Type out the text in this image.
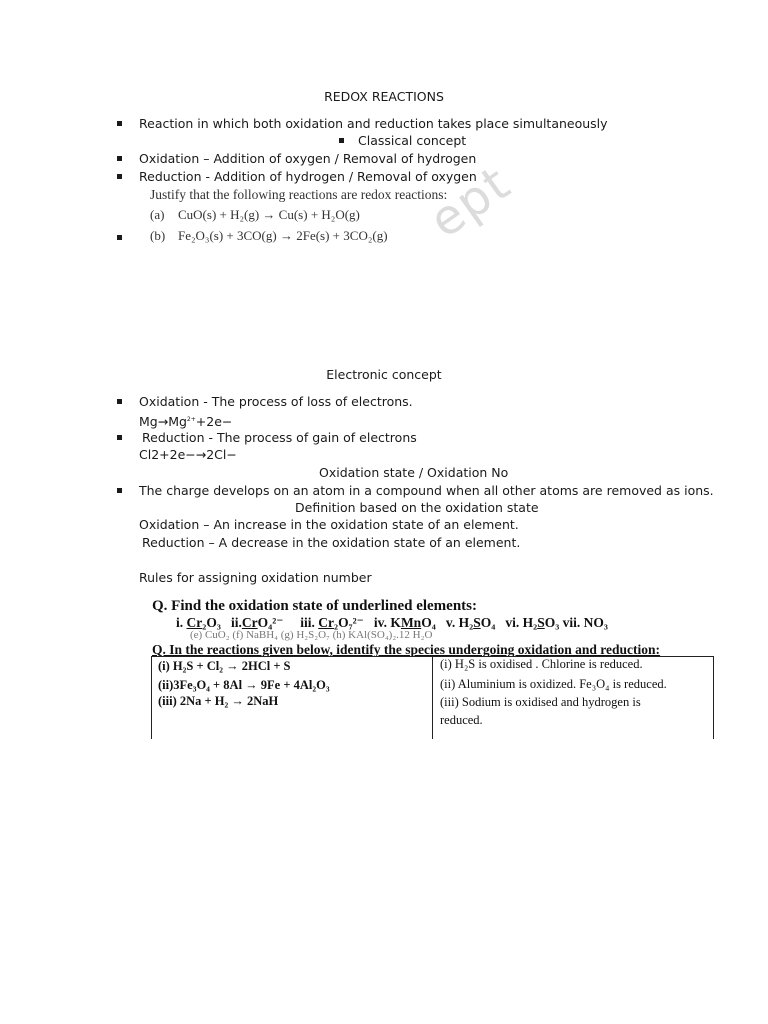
REDOX REACTIONS
Reaction in which both oxidation and reduction takes place simultaneously
Classical concept
Oxidation – Addition of oxygen / Removal of hydrogen
Reduction - Addition of hydrogen / Removal of oxygen
ept
Justify that the following reactions are redox reactions:
(a) CuO(s) + H₂(g) → Cu(s) + H₂O(g)
(b) Fe₂O₃(s) + 3CO(g) → 2Fe(s) + 3CO₂(g)
Electronic concept
Oxidation - The process of loss of electrons.
$Mg\to Mg^{2+}+2e-$
Reduction - The process of gain of electrons
Cl2+2e−→2Cl−
Oxidation state / Oxidation No
The charge develops on an atom in a compound when all other atoms are removed as ions.
Definition based on the oxidation state
Oxidation – An increase in the oxidation state of an element.
Reduction – A decrease in the oxidation state of an element.
Rules for assigning oxidation number
Q. Find the oxidation state of underlined elements:
i. Cr₂O₃ ii.CrO₄²⁻ iii. Cr₂O₇²⁻ iv. KMnO₄ v. H₂SO₄ vi. H₂SO₃ vii. NO₃
(e) CuO₂ (f) NaBH₄ (g) H₂S₂O₇ (h) KAl(SO₄)₂.12 H₂O
Q. In the reactions given below, identify the species undergoing oxidation and reduction:
(i) H₂S + Cl₂ → 2HCl + S
(ii)3Fe₃O₄ + 8Al → 9Fe + 4Al₂O₃
(iii) 2Na + H₂ → 2NaH
(i) H₂S is oxidised . Chlorine is reduced.
(ii) Aluminium is oxidized. Fe₃O₄ is reduced.
(iii) Sodium is oxidised and hydrogen is
reduced.
